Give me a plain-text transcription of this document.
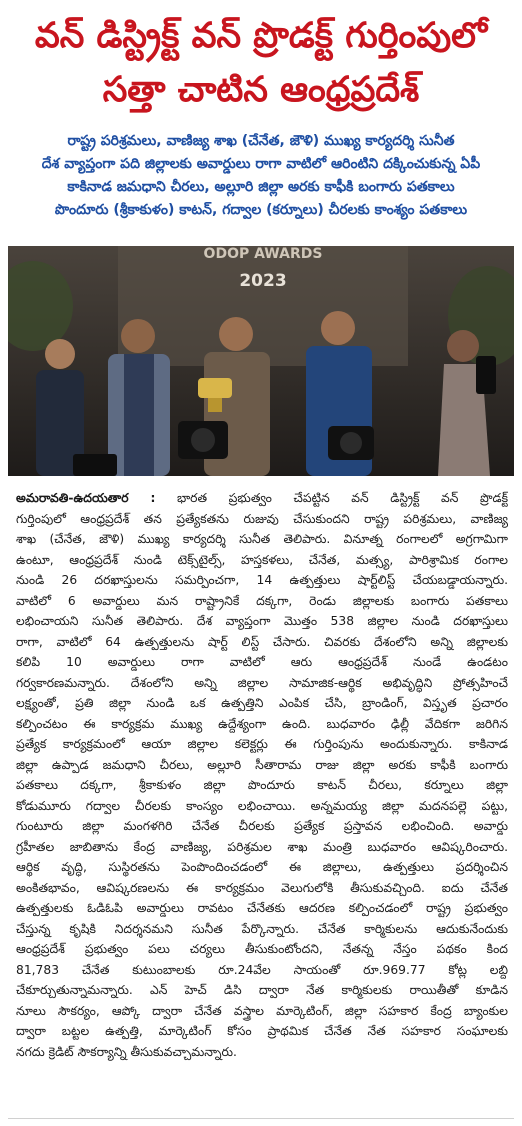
వన్ డిస్ట్రిక్ట్ వన్ ప్రొడక్ట్ గుర్తింపులో
సత్తా చాటిన ఆంధ్రప్రదేశ్
రాష్ట్ర పరిశ్రమలు, వాణిజ్య శాఖ (చేనేత, జౌళి) ముఖ్య కార్యదర్శి సునీత
దేశ వ్యాప్తంగా పది జిల్లాలకు అవార్డులు రాగా వాటిలో ఆరింటిని దక్కించుకున్న ఏపీ
కాకినాడ జమధాని చీరలు, అల్లూరి జిల్లా అరకు కాఫీకి బంగారు పతకాలు
పొందూరు (శ్రీకాకుళం) కాటన్, గద్వాల (కర్నూలు) చీరలకు కాంశ్యం పతకాలు
ODOP AWARDS
2023
అమరావతి-ఉదయతార : భారత ప్రభుత్వం చేపట్టిన వన్ డిస్ట్రిక్ట్ వన్ ప్రొడక్ట్
గుర్తింపులో ఆంధ్రప్రదేశ్ తన ప్రత్యేకతను రుజువు చేసుకుందని రాష్ట్ర పరిశ్రమలు, వాణిజ్య
శాఖ (చేనేత, జౌళి) ముఖ్య కార్యదర్శి సునీత తెలిపారు. వినూత్న రంగాలలో అగ్రగామిగా
ఉంటూ, ఆంధ్రప్రదేశ్ నుండి టెక్స్‌టైల్స్, హస్తకళలు, చేనేత, మత్స్య, పారిశ్రామిక రంగాల
నుండి 26 దరఖాస్తులను సమర్పించగా, 14 ఉత్పత్తులు షార్ట్‌లిస్ట్ చేయబడ్డాయన్నారు.
వాటిలో 6 అవార్డులు మన రాష్ట్రానికే దక్కగా, రెండు జిల్లాలకు బంగారు పతకాలు
లభించాయని సునీత తెలిపారు. దేశ వ్యాప్తంగా మొత్తం 538 జిల్లాల నుండి దరఖాస్తులు
రాగా, వాటిలో 64 ఉత్పత్తులను షార్ట్ లిస్ట్ చేసారు. చివరకు దేశంలోని అన్ని జిల్లాలకు
కలిపి 10 అవార్డులు రాగా వాటిలో ఆరు ఆంధ్రప్రదేశ్ నుండే ఉండటం
గర్వకారణమన్నారు. దేశంలోని అన్ని జిల్లాల సామాజిక-ఆర్థిక అభివృద్ధిని ప్రోత్సహించే
లక్ష్యంతో, ప్రతి జిల్లా నుండి ఒక ఉత్పత్తిని ఎంపిక చేసి, బ్రాండింగ్, విస్తృత ప్రచారం
కల్పించటం ఈ కార్యక్రమ ముఖ్య ఉద్దేశ్యంగా ఉంది. బుధవారం ఢిల్లీ వేదికగా జరిగిన
ప్రత్యేక కార్యక్రమంలో ఆయా జిల్లాల కలెక్టర్లు ఈ గుర్తింపును అందుకున్నారు. కాకినాడ
జిల్లా ఉప్పాడ జమధాని చీరలు, అల్లూరి సీతారామ రాజు జిల్లా అరకు కాఫీకి బంగారు
పతకాలు దక్కగా, శ్రీకాకుళం జిల్లా పొందూరు కాటన్ చీరలు, కర్నూలు జిల్లా
కోడుమూరు గద్వాల చీరలకు కాంస్యం లభించాయి. అన్నమయ్య జిల్లా మదనపల్లె పట్టు,
గుంటూరు జిల్లా మంగళగిరి చేనేత చీరలకు ప్రత్యేక ప్రస్తావన లభించింది. అవార్డు
గ్రహీతల జాబితాను కేంద్ర వాణిజ్య, పరిశ్రమల శాఖ మంత్రి బుధవారం ఆవిష్కరించారు.
ఆర్థిక వృద్ధి, సుస్థిరతను పెంపొందించడంలో ఈ జిల్లాలు, ఉత్పత్తులు ప్రదర్శించిన
అంకితభావం, ఆవిష్కరణలను ఈ కార్యక్రమం వెలుగులోకి తీసుకువచ్చింది. ఐదు చేనేత
ఉత్పత్తులకు ఓడిఓపి అవార్డులు రావటం చేనేతకు ఆదరణ కల్పించడంలో రాష్ట్ర ప్రభుత్వం
చేస్తున్న కృషికి నిదర్శనమని సునీత పేర్కొన్నారు. చేనేత కార్మికులను ఆదుకునేందుకు
ఆంధ్రప్రదేశ్ ప్రభుత్వం పలు చర్యలు తీసుకుంటోందని, నేతన్న నేస్తం పథకం కింద
81,783 చేనేత కుటుంబాలకు రూ.24వేల సాయంతో రూ.969.77 కోట్ల లబ్ది
చేకూర్చుతున్నామన్నారు. ఎన్ హెచ్ డిసి ద్వారా నేత కార్మికులకు రాయితీతో కూడిన
నూలు సౌకర్యం, ఆప్కో ద్వారా చేనేత వస్త్రాల మార్కెటింగ్, జిల్లా సహకార కేంద్ర బ్యాంకుల
ద్వారా బట్టల ఉత్పత్తి, మార్కెటింగ్ కోసం ప్రాథమిక చేనేత నేత సహకార సంఘాలకు
నగదు క్రెడిట్ సౌకర్యాన్ని తీసుకువచ్చామన్నారు.
